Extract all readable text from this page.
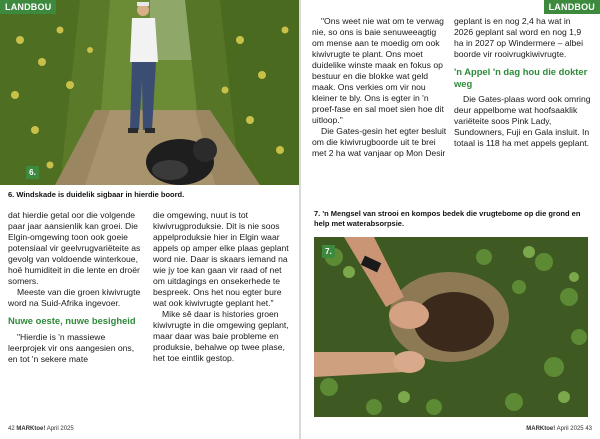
6.
LANDBOU
6. Windskade is duidelik sigbaar in hierdie boord.

dat hierdie getal oor die volgende paar jaar aansienlik kan groei. Die Elgin-omgewing toon ook goeie potensiaal vir geelvrugvariëteite as gevolg van voldoende winterkoue, hoë humiditeit in die lente en droër somers.

Meeste van die groen kiwivrugte word na Suid-Afrika ingevoer.

Nuwe oeste, nuwe besigheid

"Hierdie is 'n massiewe leerprojek vir ons aangesien ons, en tot 'n sekere mate

die omgewing, nuut is tot kiwivrugproduksie. Dit is nie soos appelproduksie hier in Elgin waar appels op amper elke plaas geplant word nie. Daar is skaars iemand na wie jy toe kan gaan vir raad of net om uitdagings en onsekerhede te bespreek. Ons het nou egter bure wat ook kiwivrugte geplant het."

Mike sê daar is histories groen kiwivrugte in die omgewing geplant, maar daar was baie probleme en produksie, behalwe op twee plase, het toe eintlik gestop.

42 MARKtoe! April 2025
LANDBOU

"Ons weet nie wat om te verwag nie, so ons is baie senuweeagtig om mense aan te moedig om ook kiwivrugte te plant. Ons moet duidelike winste maak en fokus op bestuur en die blokke wat geld maak. Ons verkies om vir nou kleiner te bly. Ons is egter in 'n proef-fase en sal moet sien hoe dit uitloop."

Die Gates-gesin het egter besluit om die kiwivrugboorde uit te brei met 2 ha wat vanjaar op Mon Desir

geplant is en nog 2,4 ha wat in 2026 geplant sal word en nog 1,9 ha in 2027 op Windermere – albei boorde vir rooivrugkiwivrugte.

'n Appel 'n dag hou die dokter weg

Die Gates-plaas word ook omring deur appelbome wat hoofsaaklik variëteite soos Pink Lady, Sundowners, Fuji en Gala insluit. In totaal is 118 ha met appels geplant.

7. 'n Mengsel van strooi en kompos bedek die vrugtebome op die grond en help met waterabsorpsie.
7.
MARKtoe! April 2025 43
